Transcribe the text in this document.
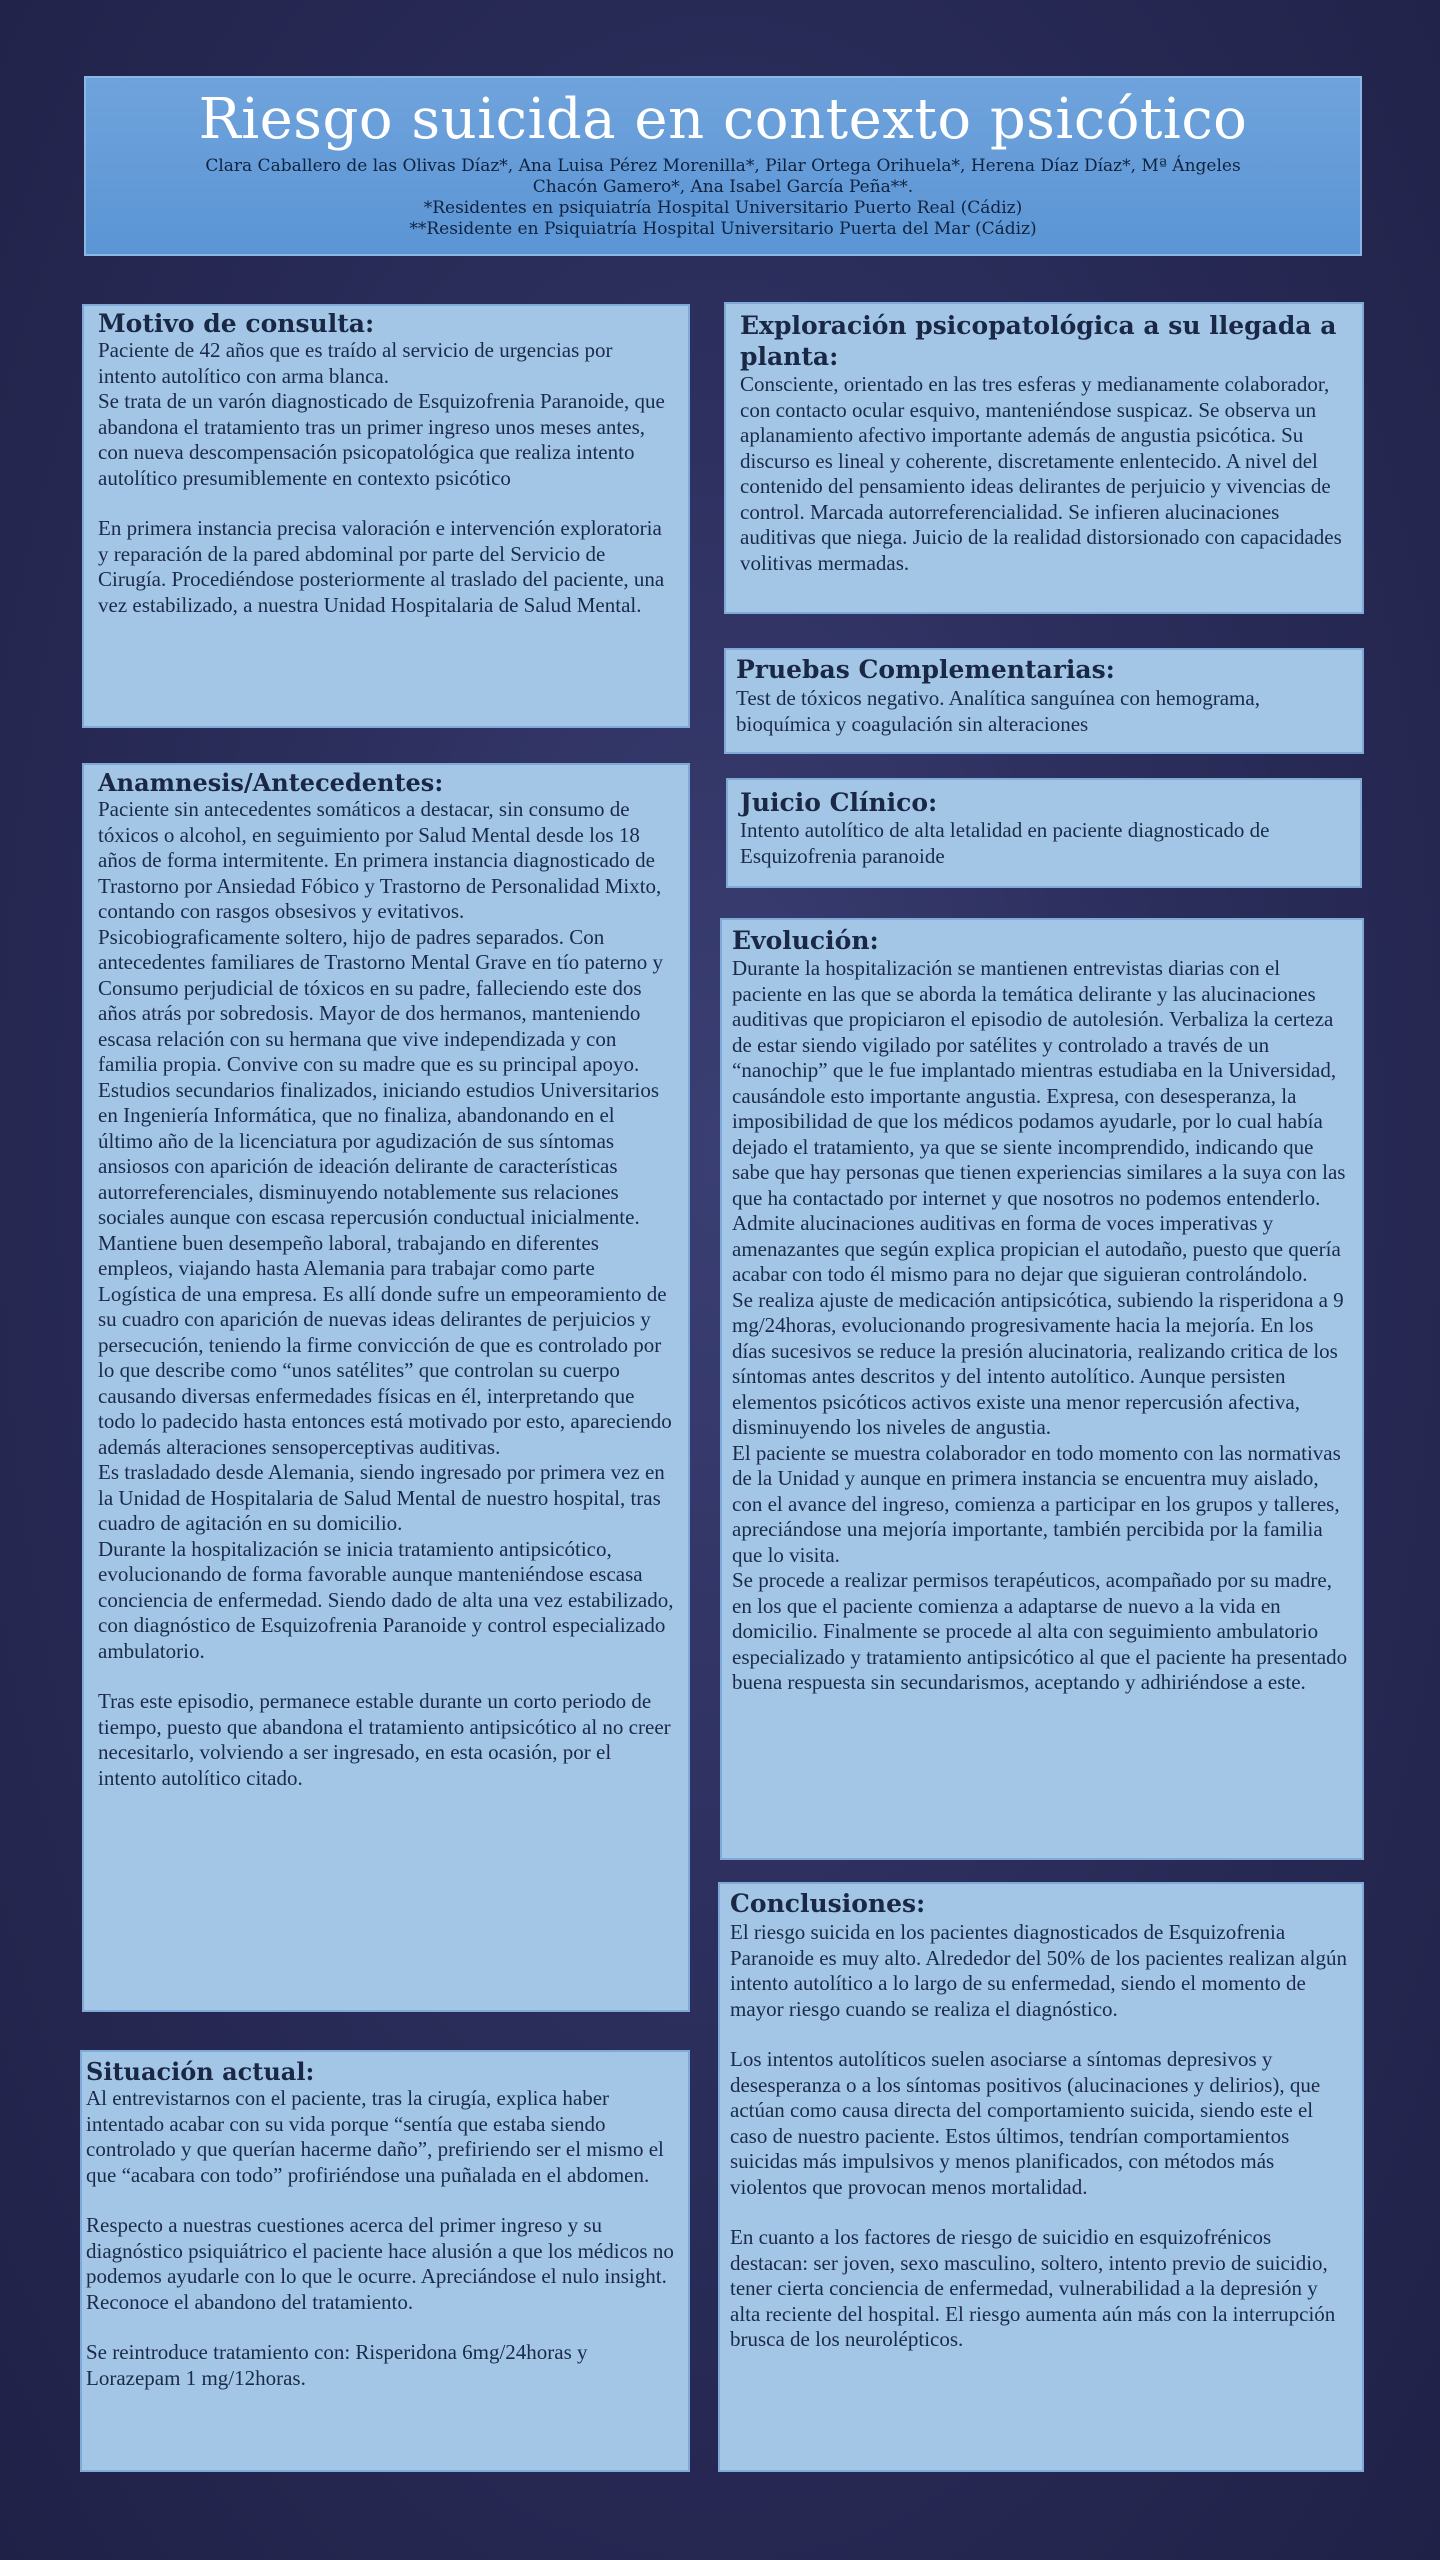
Riesgo suicida en contexto psicótico
Clara Caballero de las Olivas Díaz*, Ana Luisa Pérez Morenilla*, Pilar Ortega Orihuela*, Herena Díaz Díaz*, Mª Ángeles Chacón Gamero*, Ana Isabel García Peña**.
*Residentes en psiquiatría Hospital Universitario Puerto Real (Cádiz)
**Residente en Psiquiatría Hospital Universitario Puerta del Mar (Cádiz)
Motivo de consulta:

Paciente de 42 años que es traído al servicio de urgencias por intento autolítico con arma blanca.
Se trata de un varón diagnosticado de Esquizofrenia Paranoide, que abandona el tratamiento tras un primer ingreso unos meses antes, con nueva descompensación psicopatológica que realiza intento autolítico presumiblemente en contexto psicótico

En primera instancia precisa valoración e intervención exploratoria y reparación de la pared abdominal por parte del Servicio de Cirugía. Procediéndose posteriormente al traslado del paciente, una vez estabilizado, a nuestra Unidad Hospitalaria de Salud Mental.

Anamnesis/Antecedentes:

Paciente sin antecedentes somáticos a destacar, sin consumo de tóxicos o alcohol, en seguimiento por Salud Mental desde los 18 años de forma intermitente. En primera instancia diagnosticado de Trastorno por Ansiedad Fóbico y Trastorno de Personalidad Mixto, contando con rasgos obsesivos y evitativos.
Psicobiograficamente soltero, hijo de padres separados. Con antecedentes familiares de Trastorno Mental Grave en tío paterno y Consumo perjudicial de tóxicos en su padre, falleciendo este dos años atrás por sobredosis. Mayor de dos hermanos, manteniendo escasa relación con su hermana que vive independizada y con familia propia. Convive con su madre que es su principal apoyo.
Estudios secundarios finalizados, iniciando estudios Universitarios en Ingeniería Informática, que no finaliza, abandonando en el último año de la licenciatura por agudización de sus síntomas ansiosos con aparición de ideación delirante de características autorreferenciales, disminuyendo notablemente sus relaciones sociales aunque con escasa repercusión conductual inicialmente. Mantiene buen desempeño laboral, trabajando en diferentes empleos, viajando hasta Alemania para trabajar como parte Logística de una empresa. Es allí donde sufre un empeoramiento de su cuadro con aparición de nuevas ideas delirantes de perjuicios y persecución, teniendo la firme convicción de que es controlado por lo que describe como “unos satélites” que controlan su cuerpo causando diversas enfermedades físicas en él, interpretando que todo lo padecido hasta entonces está motivado por esto, apareciendo además alteraciones sensoperceptivas auditivas.
Es trasladado desde Alemania, siendo ingresado por primera vez en la Unidad de Hospitalaria de Salud Mental de nuestro hospital, tras cuadro de agitación en su domicilio.
Durante la hospitalización se inicia tratamiento antipsicótico, evolucionando de forma favorable aunque manteniéndose escasa conciencia de enfermedad. Siendo dado de alta una vez estabilizado, con diagnóstico de Esquizofrenia Paranoide y control especializado ambulatorio.

Tras este episodio, permanece estable durante un corto periodo de tiempo, puesto que abandona el tratamiento antipsicótico al no creer necesitarlo, volviendo a ser ingresado, en esta ocasión, por el intento autolítico citado.

Situación actual:

Al entrevistarnos con el paciente, tras la cirugía, explica haber intentado acabar con su vida porque “sentía que estaba siendo controlado y que querían hacerme daño”, prefiriendo ser el mismo el que “acabara con todo” profiriéndose una puñalada en el abdomen.

Respecto a nuestras cuestiones acerca del primer ingreso y su diagnóstico psiquiátrico el paciente hace alusión a que los médicos no podemos ayudarle con lo que le ocurre. Apreciándose el nulo insight. Reconoce el abandono del tratamiento.

Se reintroduce tratamiento con: Risperidona 6mg/24horas y Lorazepam 1 mg/12horas.

Exploración psicopatológica a su llegada a planta:

Consciente, orientado en las tres esferas y medianamente colaborador, con contacto ocular esquivo, manteniéndose suspicaz. Se observa un aplanamiento afectivo importante además de angustia psicótica. Su discurso es lineal y coherente, discretamente enlentecido. A nivel del contenido del pensamiento ideas delirantes de perjuicio y vivencias de control. Marcada autorreferencialidad. Se infieren alucinaciones auditivas que niega. Juicio de la realidad distorsionado con capacidades volitivas mermadas.

Pruebas Complementarias:

Test de tóxicos negativo. Analítica sanguínea con hemograma, bioquímica y coagulación sin alteraciones

Juicio Clínico:

Intento autolítico de alta letalidad en paciente diagnosticado de Esquizofrenia paranoide

Evolución:

Durante la hospitalización se mantienen entrevistas diarias con el paciente en las que se aborda la temática delirante y las alucinaciones auditivas que propiciaron el episodio de autolesión. Verbaliza la certeza de estar siendo vigilado por satélites y controlado a través de un “nanochip” que le fue implantado mientras estudiaba en la Universidad, causándole esto importante angustia. Expresa, con desesperanza, la imposibilidad de que los médicos podamos ayudarle, por lo cual había dejado el tratamiento, ya que se siente incomprendido, indicando que sabe que hay personas que tienen experiencias similares a la suya con las que ha contactado por internet y que nosotros no podemos entenderlo. Admite alucinaciones auditivas en forma de voces imperativas y amenazantes que según explica propician el autodaño, puesto que quería acabar con todo él mismo para no dejar que siguieran controlándolo.
Se realiza ajuste de medicación antipsicótica, subiendo la risperidona a 9 mg/24horas, evolucionando progresivamente hacia la mejoría. En los días sucesivos se reduce la presión alucinatoria, realizando critica de los síntomas antes descritos y del intento autolítico. Aunque persisten elementos psicóticos activos existe una menor repercusión afectiva, disminuyendo los niveles de angustia.
El paciente se muestra colaborador en todo momento con las normativas de la Unidad y aunque en primera instancia se encuentra muy aislado, con el avance del ingreso, comienza a participar en los grupos y talleres, apreciándose una mejoría importante, también percibida por la familia que lo visita.
Se procede a realizar permisos terapéuticos, acompañado por su madre, en los que el paciente comienza a adaptarse de nuevo a la vida en domicilio. Finalmente se procede al alta con seguimiento ambulatorio especializado y tratamiento antipsicótico al que el paciente ha presentado buena respuesta sin secundarismos, aceptando y adhiriéndose a este.

Conclusiones:

El riesgo suicida en los pacientes diagnosticados de Esquizofrenia Paranoide es muy alto. Alrededor del 50% de los pacientes realizan algún intento autolítico a lo largo de su enfermedad, siendo el momento de mayor riesgo cuando se realiza el diagnóstico.

Los intentos autolíticos suelen asociarse a síntomas depresivos y desesperanza o a los síntomas positivos (alucinaciones y delirios), que actúan como causa directa del comportamiento suicida, siendo este el caso de nuestro paciente. Estos últimos, tendrían comportamientos suicidas más impulsivos y menos planificados, con métodos más violentos que provocan menos mortalidad.

En cuanto a los factores de riesgo de suicidio en esquizofrénicos destacan: ser joven, sexo masculino, soltero, intento previo de suicidio, tener cierta conciencia de enfermedad, vulnerabilidad a la depresión y alta reciente del hospital. El riesgo aumenta aún más con la interrupción brusca de los neurolépticos.
